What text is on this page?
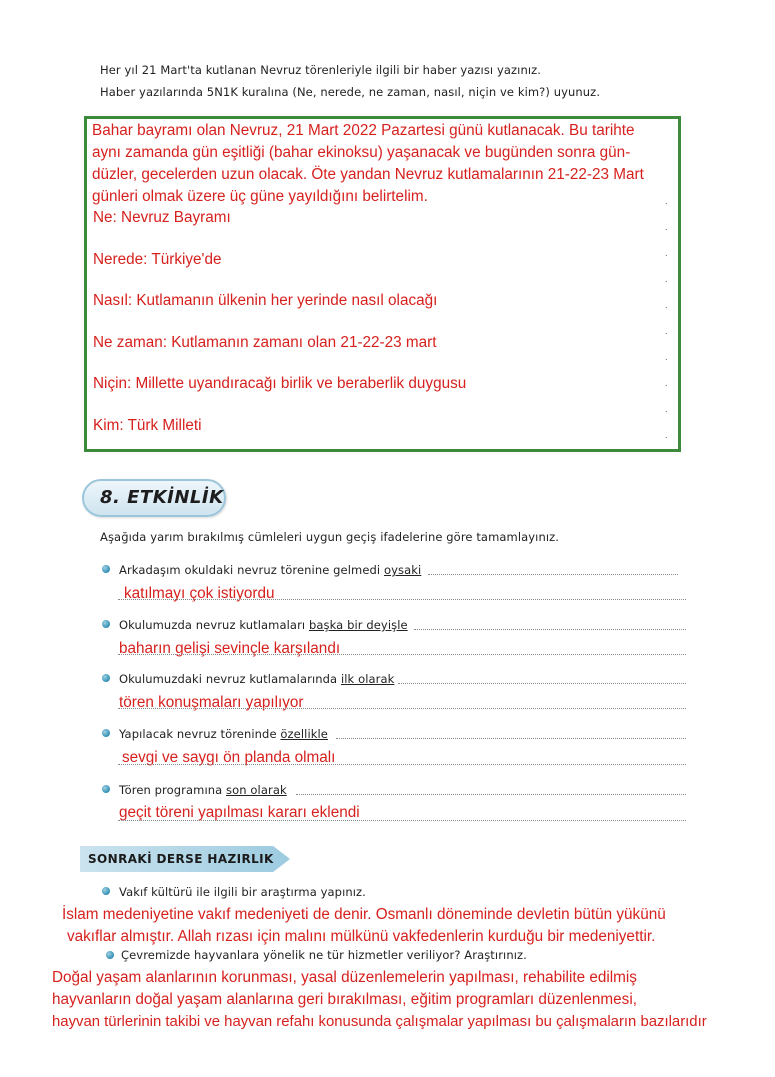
Her yıl 21 Mart'ta kutlanan Nevruz törenleriyle ilgili bir haber yazısı yazınız.
Haber yazılarında 5N1K kuralına (Ne, nerede, ne zaman, nasıl, niçin ve kim?) uyunuz.
Bahar bayramı olan Nevruz, 21 Mart 2022 Pazartesi günü kutlanacak. Bu tarihte
aynı zamanda gün eşitliği (bahar ekinoksu) yaşanacak ve bugünden sonra gün-
düzler, gecelerden uzun olacak. Öte yandan Nevruz kutlamalarının 21-22-23 Mart
günleri olmak üzere üç güne yayıldığını belirtelim.
Ne: Nevruz Bayramı
Nerede: Türkiye'de
Nasıl: Kutlamanın ülkenin her yerinde nasıl olacağı
Ne zaman: Kutlamanın zamanı olan 21-22-23 mart
Niçin: Millette uyandıracağı birlik ve beraberlik duygusu
Kim: Türk Milleti
.
.
.
.
.
.
.
.
.
.
8. ETKİNLİK
Aşağıda yarım bırakılmış cümleleri uygun geçiş ifadelerine göre tamamlayınız.
Arkadaşım okuldaki nevruz törenine gelmedi oysaki
katılmayı çok istiyordu
Okulumuzda nevruz kutlamaları başka bir deyişle
baharın gelişi sevinçle karşılandı
Okulumuzdaki nevruz kutlamalarında ilk olarak
tören konuşmaları yapılıyor
Yapılacak nevruz töreninde özellikle
sevgi ve saygı ön planda olmalı
Tören programına son olarak
geçit töreni yapılması kararı eklendi
SONRAKİ DERSE HAZIRLIK
Vakıf kültürü ile ilgili bir araştırma yapınız.
İslam medeniyetine vakıf medeniyeti de denir. Osmanlı döneminde devletin bütün yükünü
vakıflar almıştır. Allah rızası için malını mülkünü vakfedenlerin kurduğu bir medeniyettir.
Çevremizde hayvanlara yönelik ne tür hizmetler veriliyor? Araştırınız.
Doğal yaşam alanlarının korunması, yasal düzenlemelerin yapılması, rehabilite edilmiş
hayvanların doğal yaşam alanlarına geri bırakılması, eğitim programları düzenlenmesi,
hayvan türlerinin takibi ve hayvan refahı konusunda çalışmalar yapılması bu çalışmaların bazılarıdır
